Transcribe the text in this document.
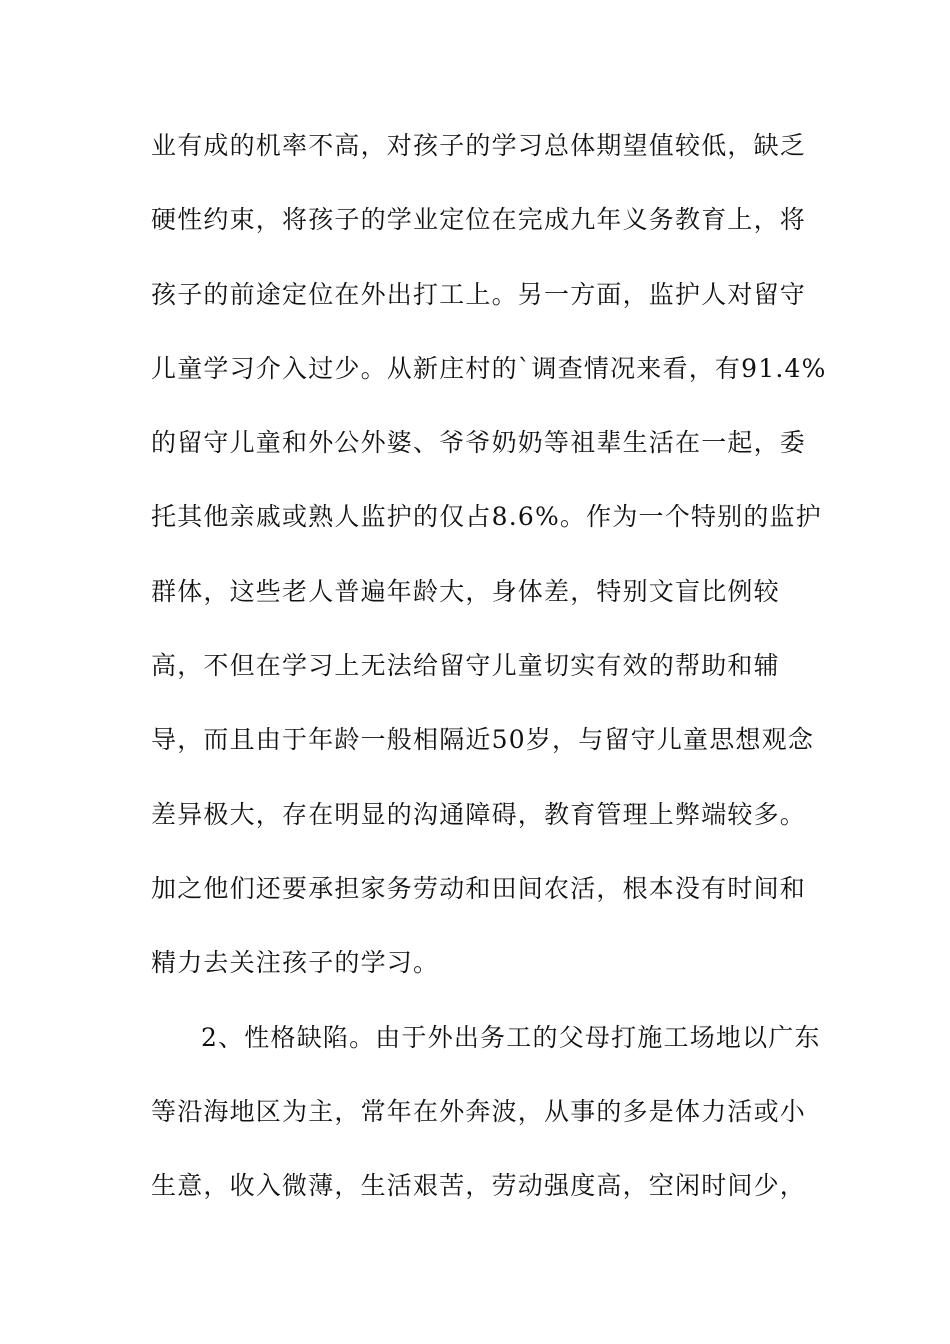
业有成的机率不高，对孩子的学习总体期望值较低，缺乏
硬性约束，将孩子的学业定位在完成九年义务教育上，将
孩子的前途定位在外出打工上。另一方面，监护人对留守
儿童学习介入过少。从新庄村的`调查情况来看，有91.4%
的留守儿童和外公外婆、爷爷奶奶等祖辈生活在一起，委
托其他亲戚或熟人监护的仅占8.6%。作为一个特别的监护
群体，这些老人普遍年龄大，身体差，特别文盲比例较
高，不但在学习上无法给留守儿童切实有效的帮助和辅
导，而且由于年龄一般相隔近50岁，与留守儿童思想观念
差异极大，存在明显的沟通障碍，教育管理上弊端较多。
加之他们还要承担家务劳动和田间农活，根本没有时间和
精力去关注孩子的学习。
2、性格缺陷。由于外出务工的父母打施工场地以广东
等沿海地区为主，常年在外奔波，从事的多是体力活或小
生意，收入微薄，生活艰苦，劳动强度高，空闲时间少，
